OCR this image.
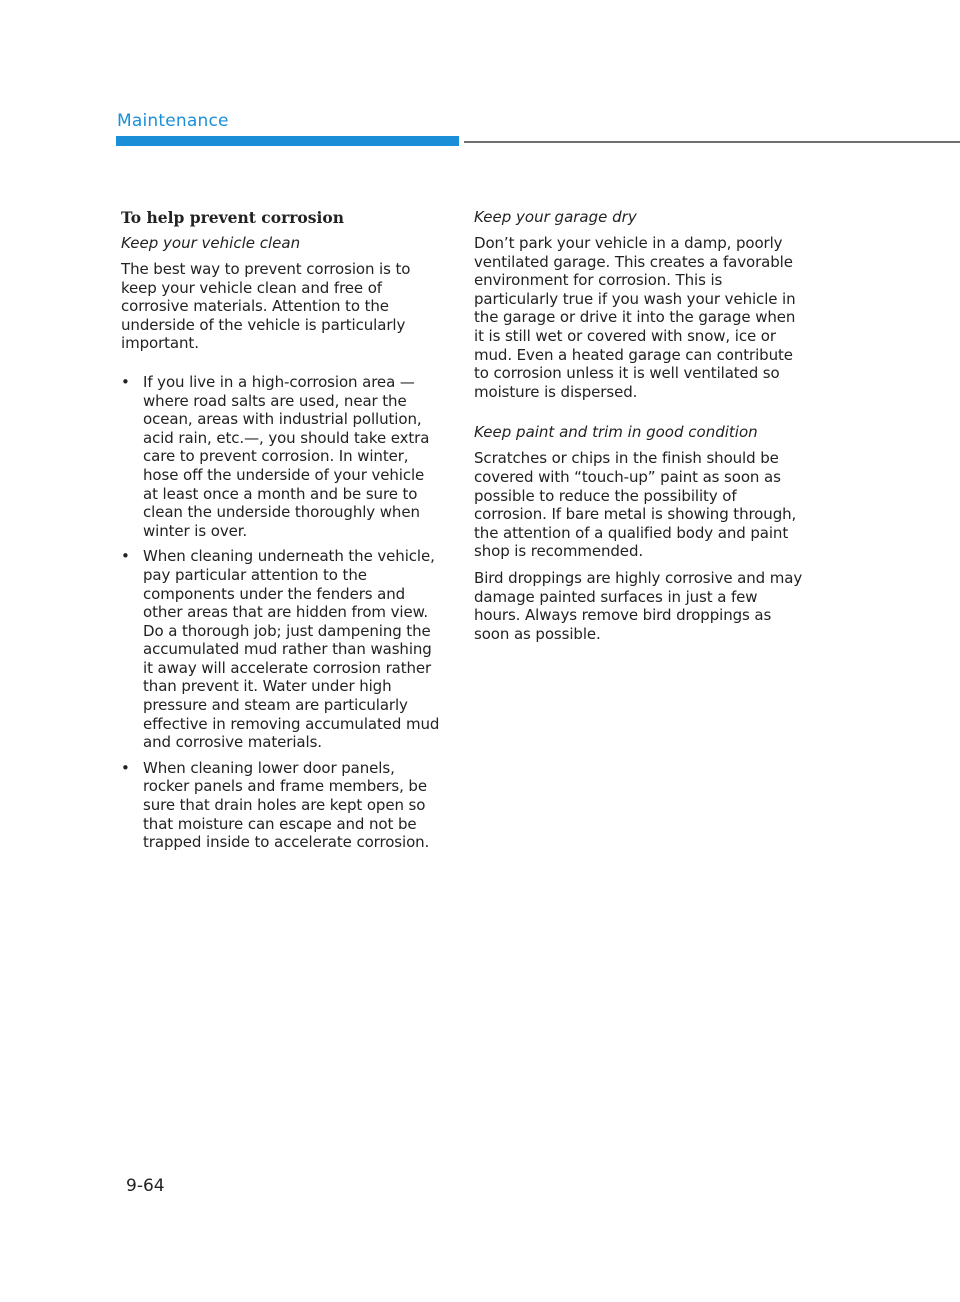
Maintenance
To help prevent corrosion
Keep your vehicle clean

The best way to prevent corrosion is to keep your vehicle clean and free of corrosive materials. Attention to the underside of the vehicle is particularly important.

• If you live in a high-corrosion area — where road salts are used, near the ocean, areas with industrial pollution, acid rain, etc.—, you should take extra care to prevent corrosion. In winter, hose off the underside of your vehicle at least once a month and be sure to clean the underside thoroughly when winter is over.
• When cleaning underneath the vehicle, pay particular attention to the components under the fenders and other areas that are hidden from view. Do a thorough job; just dampening the accumulated mud rather than washing it away will accelerate corrosion rather than prevent it. Water under high pressure and steam are particularly effective in removing accumulated mud and corrosive materials.
• When cleaning lower door panels, rocker panels and frame members, be sure that drain holes are kept open so that moisture can escape and not be trapped inside to accelerate corrosion.
Keep your garage dry

Don’t park your vehicle in a damp, poorly ventilated garage. This creates a favorable environment for corrosion. This is particularly true if you wash your vehicle in the garage or drive it into the garage when it is still wet or covered with snow, ice or mud. Even a heated garage can contribute to corrosion unless it is well ventilated so moisture is dispersed.

Keep paint and trim in good condition

Scratches or chips in the finish should be covered with “touch-up” paint as soon as possible to reduce the possibility of corrosion. If bare metal is showing through, the attention of a qualified body and paint shop is recommended.

Bird droppings are highly corrosive and may damage painted surfaces in just a few hours. Always remove bird droppings as soon as possible.

9-64
